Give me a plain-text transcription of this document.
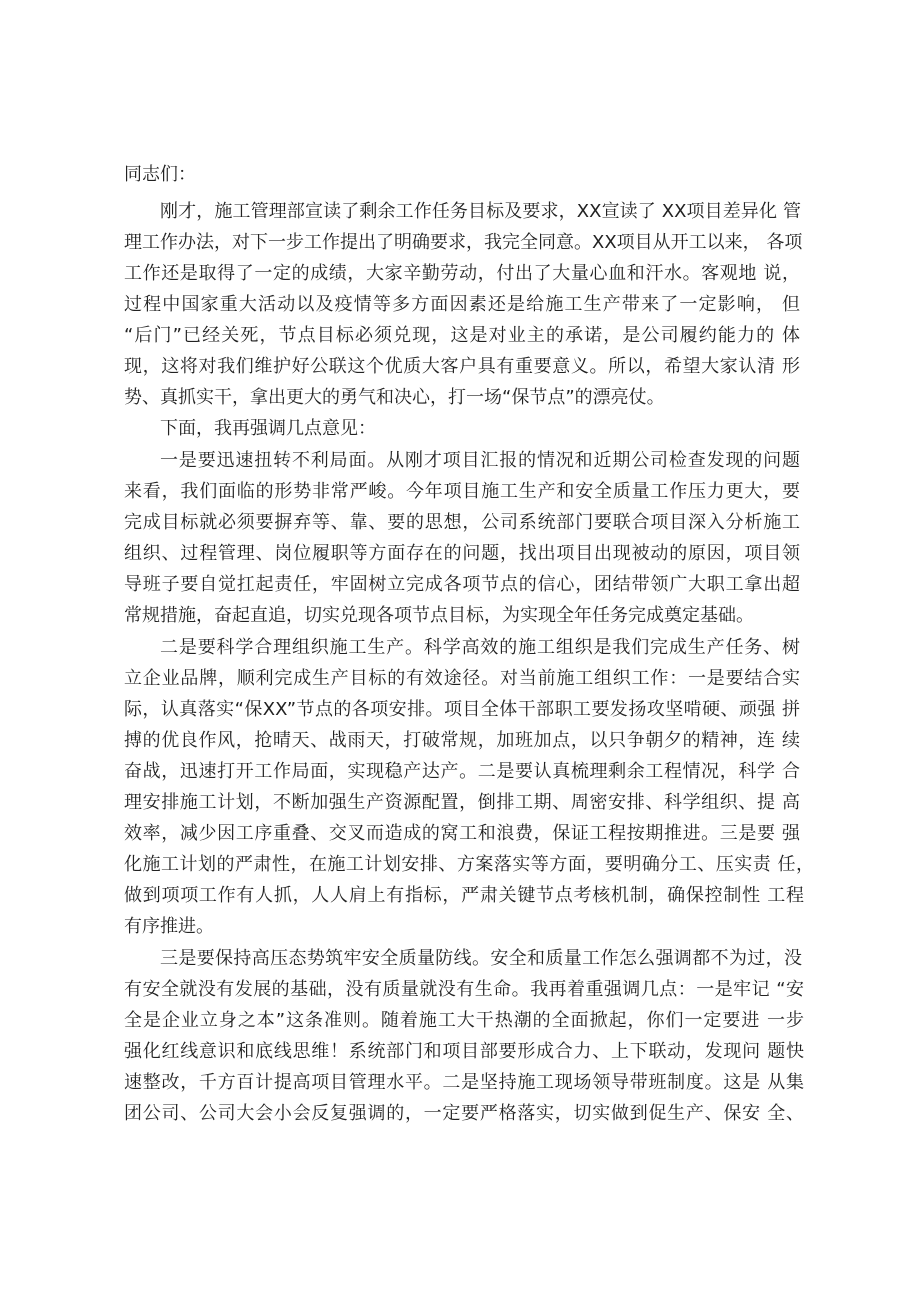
同志们：
刚才，施工管理部宣读了剩余工作任务目标及要求，XX宣读了 XX项目差异化 管
理工作办法，对下一步工作提出了明确要求，我完全同意。XX项目从开工以来， 各项
工作还是取得了一定的成绩，大家辛勤劳动，付出了大量心血和汗水。客观地 说，
过程中国家重大活动以及疫情等多方面因素还是给施工生产带来了一定影响， 但
“后门”已经关死，节点目标必须兑现，这是对业主的承诺，是公司履约能力的 体
现，这将对我们维护好公联这个优质大客户具有重要意义。所以，希望大家认清 形
势、真抓实干，拿出更大的勇气和决心，打一场“保节点”的漂亮仗。
下面，我再强调几点意见：
一是要迅速扭转不利局面。从刚才项目汇报的情况和近期公司检查发现的问题
来看，我们面临的形势非常严峻。今年项目施工生产和安全质量工作压力更大，要
完成目标就必须要摒弃等、靠、要的思想，公司系统部门要联合项目深入分析施工
组织、过程管理、岗位履职等方面存在的问题，找出项目出现被动的原因，项目领
导班子要自觉扛起责任，牢固树立完成各项节点的信心，团结带领广大职工拿出超
常规措施，奋起直追，切实兑现各项节点目标，为实现全年任务完成奠定基础。
二是要科学合理组织施工生产。科学高效的施工组织是我们完成生产任务、树
立企业品牌，顺利完成生产目标的有效途径。对当前施工组织工作：一是要结合实
际，认真落实“保XX”节点的各项安排。项目全体干部职工要发扬攻坚啃硬、顽强 拼
搏的优良作风，抢晴天、战雨天，打破常规，加班加点，以只争朝夕的精神，连 续
奋战，迅速打开工作局面，实现稳产达产。二是要认真梳理剩余工程情况，科学 合
理安排施工计划，不断加强生产资源配置，倒排工期、周密安排、科学组织、提 高
效率，减少因工序重叠、交叉而造成的窝工和浪费，保证工程按期推进。三是要 强
化施工计划的严肃性，在施工计划安排、方案落实等方面，要明确分工、压实责 任，
做到项项工作有人抓，人人肩上有指标，严肃关键节点考核机制，确保控制性 工程
有序推进。
三是要保持高压态势筑牢安全质量防线。安全和质量工作怎么强调都不为过，没
有安全就没有发展的基础，没有质量就没有生命。我再着重强调几点：一是牢记 “安
全是企业立身之本”这条准则。随着施工大干热潮的全面掀起，你们一定要进 一步
强化红线意识和底线思维！系统部门和项目部要形成合力、上下联动，发现问 题快
速整改，千方百计提高项目管理水平。二是坚持施工现场领导带班制度。这是 从集
团公司、公司大会小会反复强调的，一定要严格落实，切实做到促生产、保安 全、
